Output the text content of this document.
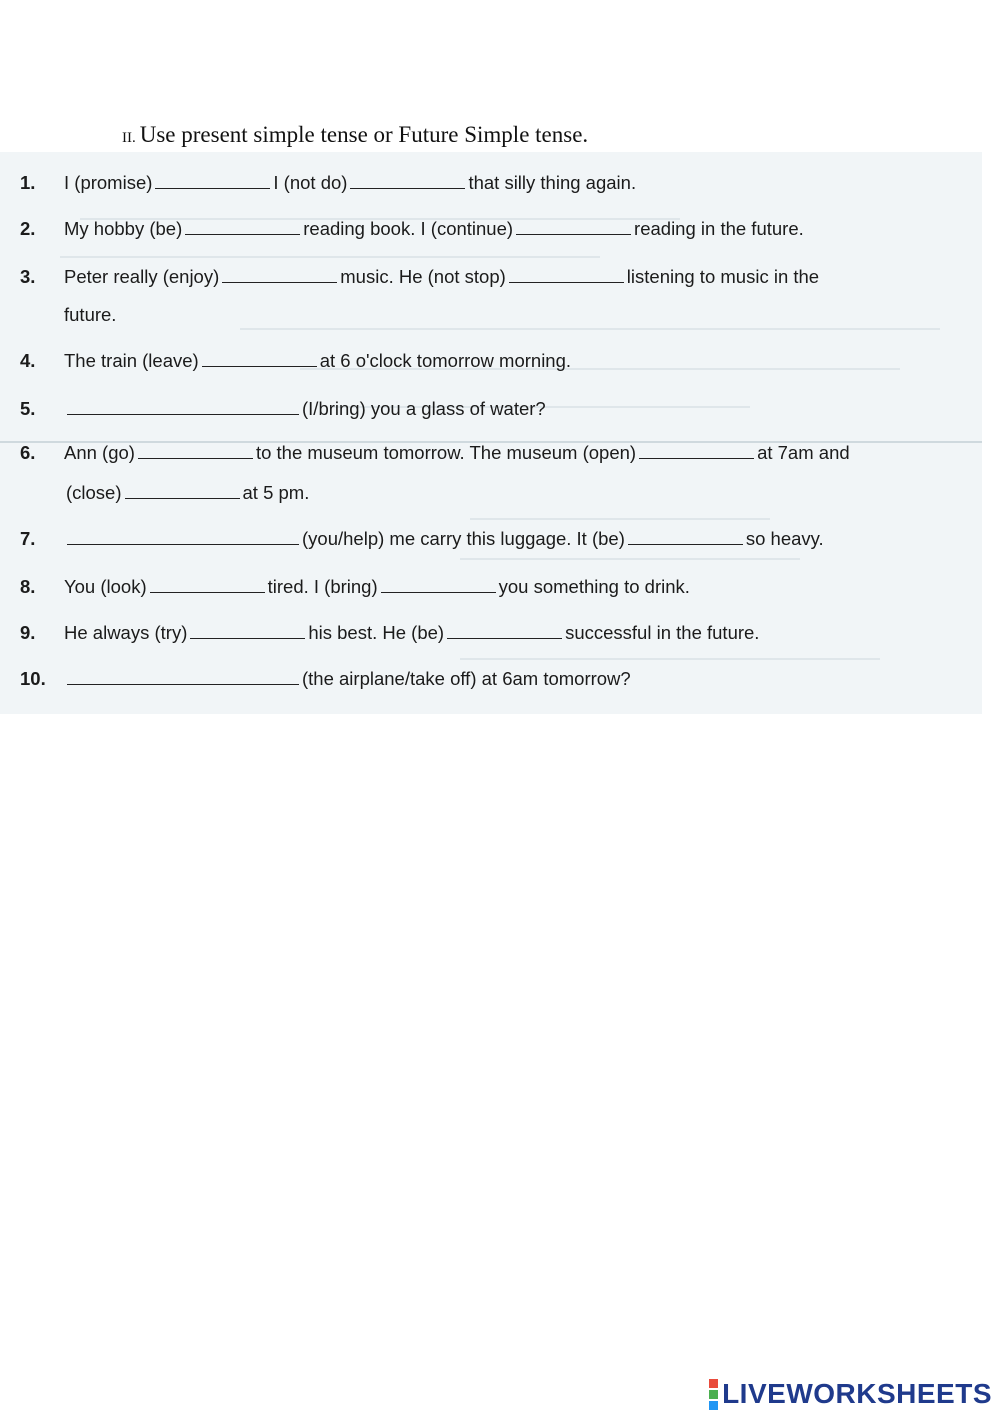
II. Use present simple tense or Future Simple tense.
1. I (promise)	I (not do)	that silly thing again.
2. My hobby (be)	reading book. I (continue)	reading in the future.
3. Peter really (enjoy)	music. He (not stop)	listening to music in the
future.
4. The train (leave)	at 6 o'clock tomorrow morning.
5.	(I/bring) you a glass of water?
6. Ann (go)	to the museum tomorrow. The museum (open)	at 7am and
(close)	at 5 pm.
7.	(you/help) me carry this luggage. It (be)	so heavy.
8. You (look)	tired. I (bring)	you something to drink.
9. He always (try)	his best. He (be)	successful in the future.
10.	(the airplane/take off) at 6am tomorrow?
LIVEWORKSHEETS
